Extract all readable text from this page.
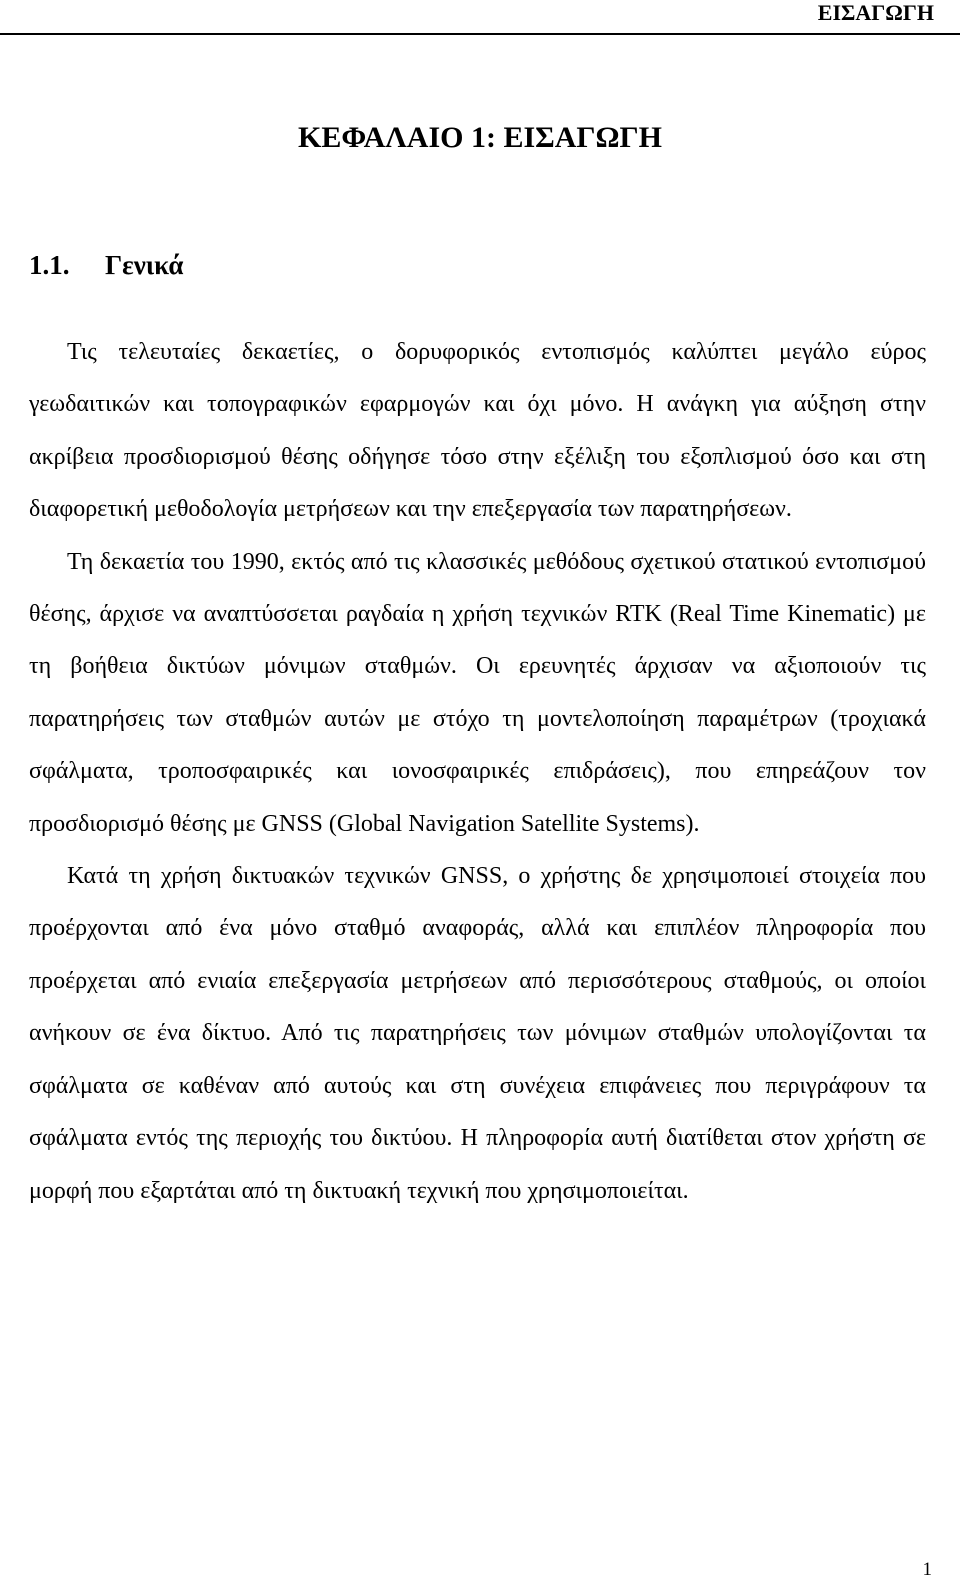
ΕΙΣΑΓΩΓΗ
ΚΕΦΑΛΑΙΟ 1: ΕΙΣΑΓΩΓΗ
1.1. Γενικά

Τις τελευταίες δεκαετίες, ο δορυφορικός εντοπισμός καλύπτει μεγάλο εύρος γεωδαιτικών και τοπογραφικών εφαρμογών και όχι μόνο. Η ανάγκη για αύξηση στην ακρίβεια προσδιορισμού θέσης οδήγησε τόσο στην εξέλιξη του εξοπλισμού όσο και στη διαφορετική μεθοδολογία μετρήσεων και την επεξεργασία των παρατηρήσεων.

Τη δεκαετία του 1990, εκτός από τις κλασσικές μεθόδους σχετικού στατικού εντοπισμού θέσης, άρχισε να αναπτύσσεται ραγδαία η χρήση τεχνικών RTK (Real Time Kinematic) με τη βοήθεια δικτύων μόνιμων σταθμών. Οι ερευνητές άρχισαν να αξιοποιούν τις παρατηρήσεις των σταθμών αυτών με στόχο τη μοντελοποίηση παραμέτρων (τροχιακά σφάλματα, τροποσφαιρικές και ιονοσφαιρικές επιδράσεις), που επηρεάζουν τον προσδιορισμό θέσης με GNSS (Global Navigation Satellite Systems).

Κατά τη χρήση δικτυακών τεχνικών GNSS, ο χρήστης δε χρησιμοποιεί στοιχεία που προέρχονται από ένα μόνο σταθμό αναφοράς, αλλά και επιπλέον πληροφορία που προέρχεται από ενιαία επεξεργασία μετρήσεων από περισσότερους σταθμούς, οι οποίοι ανήκουν σε ένα δίκτυο. Από τις παρατηρήσεις των μόνιμων σταθμών υπολογίζονται τα σφάλματα σε καθέναν από αυτούς και στη συνέχεια επιφάνειες που περιγράφουν τα σφάλματα εντός της περιοχής του δικτύου. Η πληροφορία αυτή διατίθεται στον χρήστη σε μορφή που εξαρτάται από τη δικτυακή τεχνική που χρησιμοποιείται.

1
